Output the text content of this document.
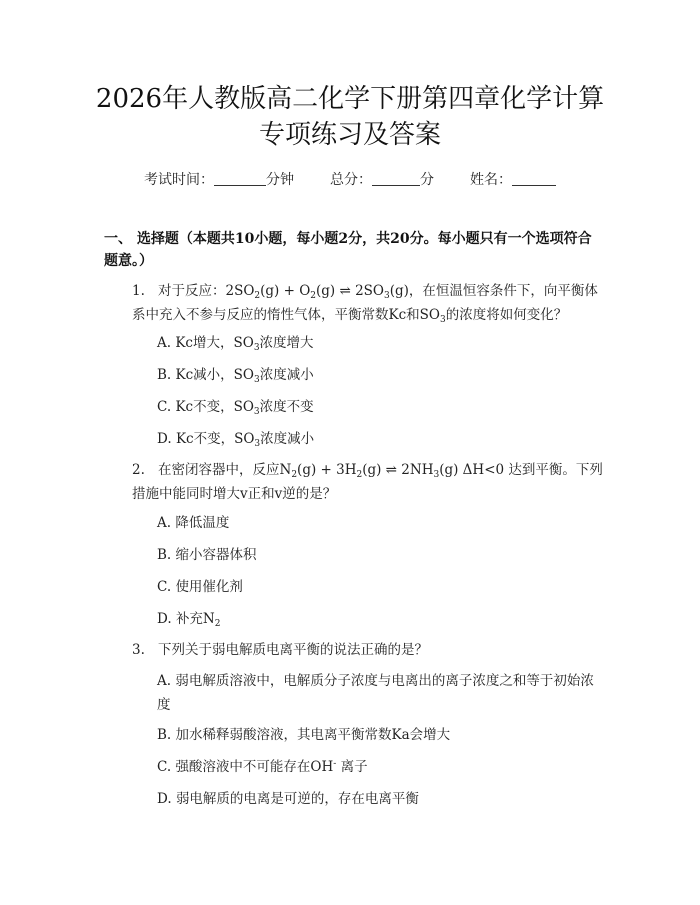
2026年人教版高二化学下册第四章化学计算
专项练习及答案
考试时间：	分钟	总分：	分	姓名：
一、 选择题（本题共10小题，每小题2分，共20分。每小题只有一个选项符合题意。）
1. 对于反应：$2SO_2(g) + O_2(g)$ ⇌ $2SO_3(g)$，在恒温恒容条件下，向平衡体系中充入不参与反应的惰性气体，平衡常数Kc和$SO_3$的浓度将如何变化？
A. Kc增大，$SO_3$浓度增大
B. Kc减小，$SO_3$浓度减小
C. Kc不变，$SO_3$浓度不变
D. Kc不变，$SO_3$浓度减小
2. 在密闭容器中，反应$N_2(g) + 3H_2(g)$ ⇌ $2NH_3(g)$ ΔH<0 达到平衡。下列措施中能同时增大v正和v逆的是？
A. 降低温度
B. 缩小容器体积
C. 使用催化剂
D. 补充$N_2$
3. 下列关于弱电解质电离平衡的说法正确的是？
A. 弱电解质溶液中，电解质分子浓度与电离出的离子浓度之和等于初始浓度
B. 加水稀释弱酸溶液，其电离平衡常数Ka会增大
C. 强酸溶液中不可能存在OH- 离子
D. 弱电解质的电离是可逆的，存在电离平衡
